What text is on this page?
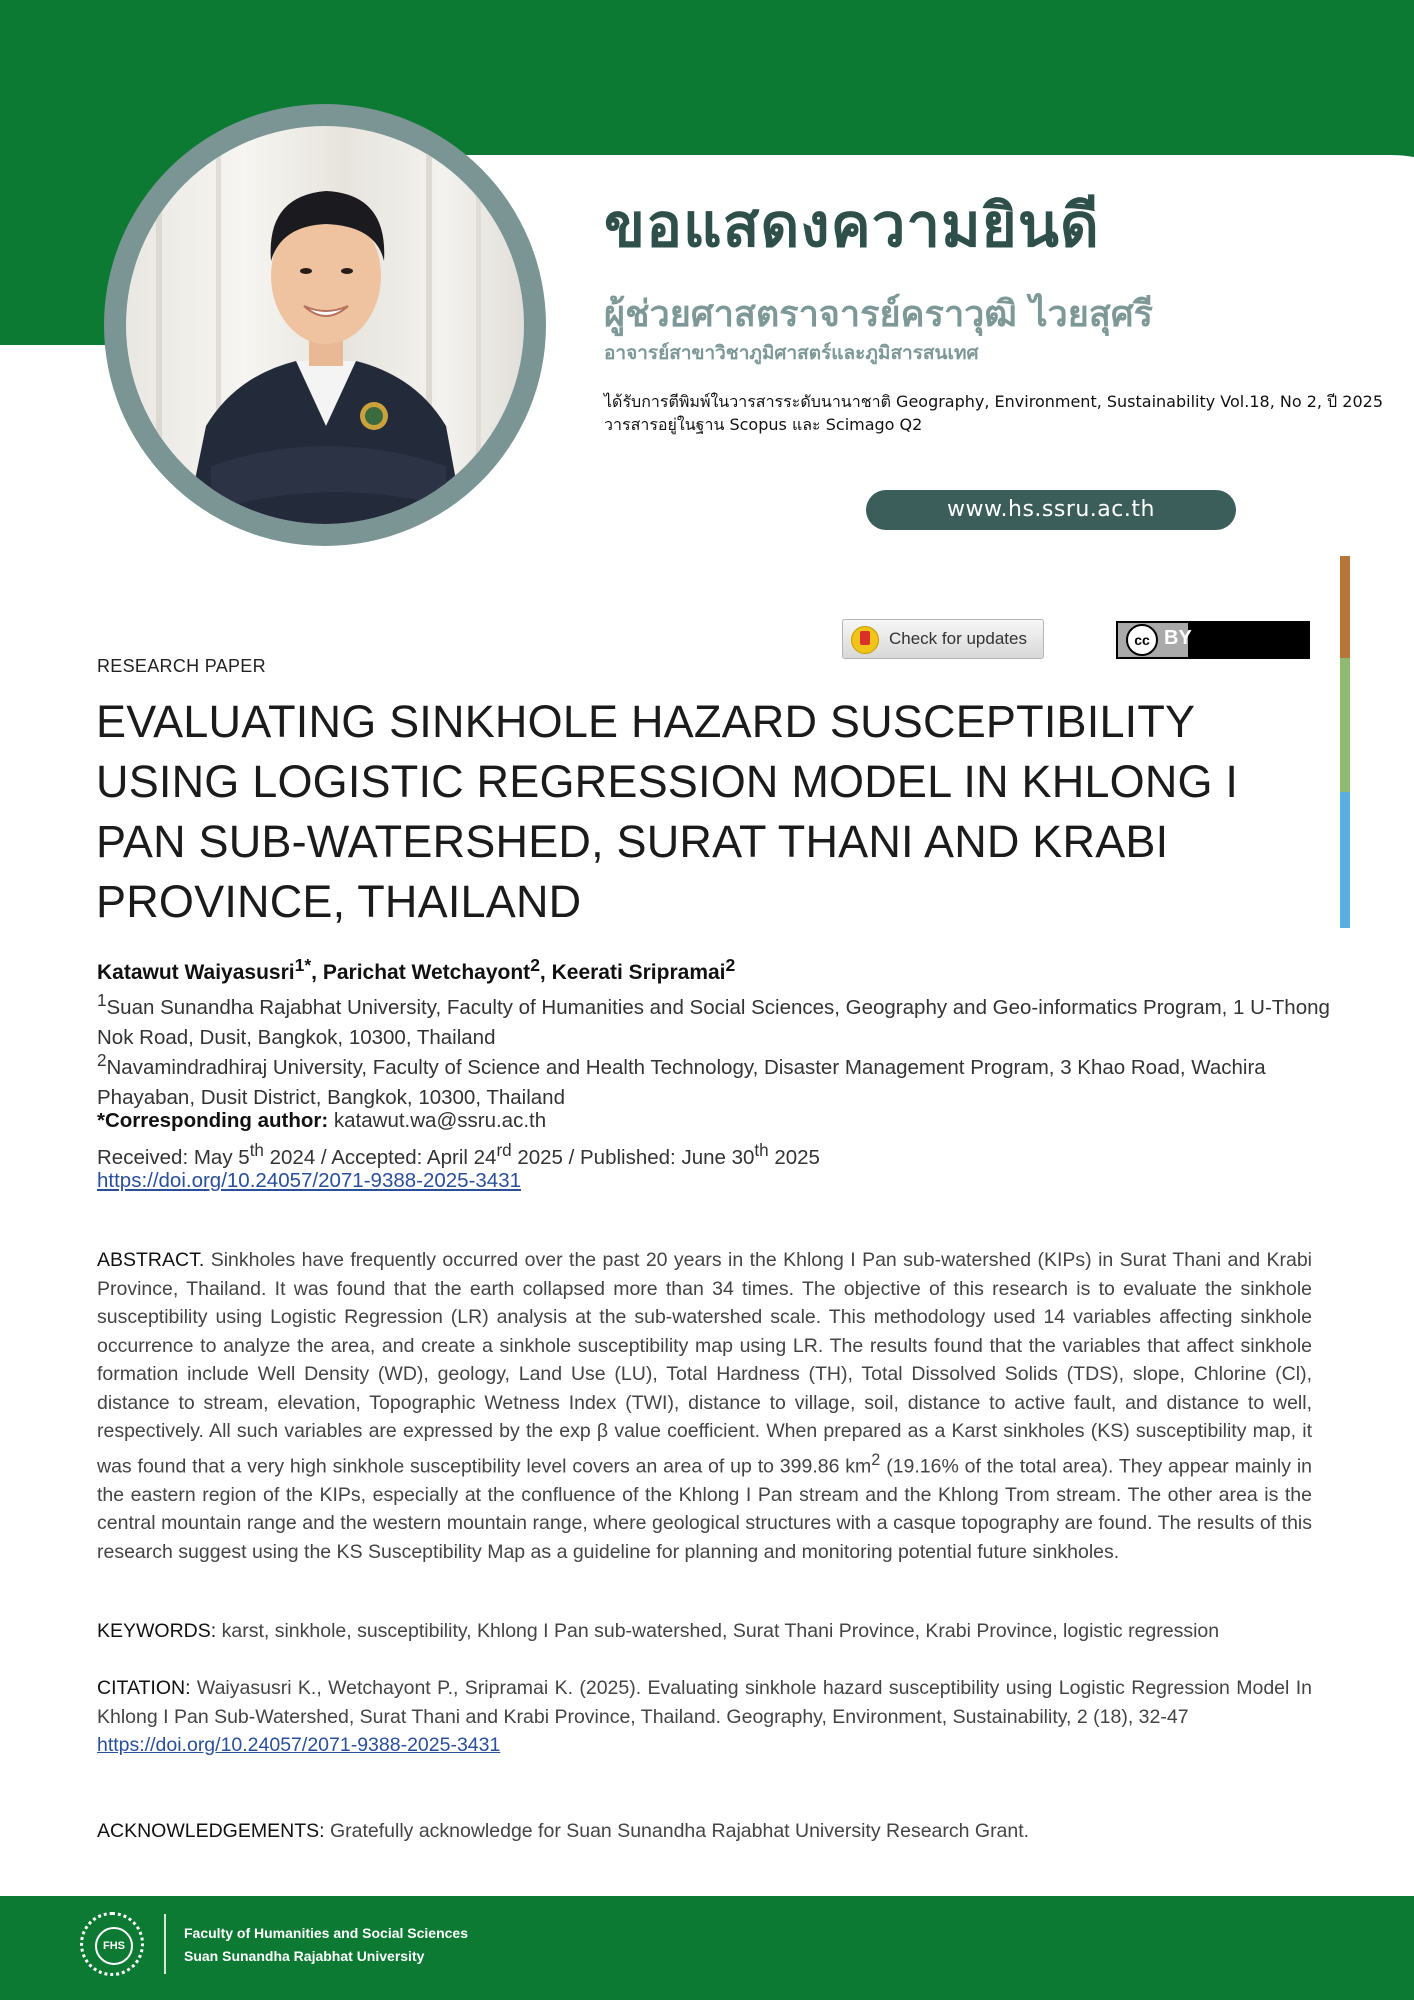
ขอแสดงความยินดี
ผู้ช่วยศาสตราจารย์คราวุฒิ ไวยสุศรี
อาจารย์สาขาวิชาภูมิศาสตร์และภูมิสารสนเทศ
ได้รับการตีพิมพ์ในวารสารระดับนานาชาติ Geography, Environment, Sustainability Vol.18, No 2, ปี 2025
วารสารอยู่ในฐาน Scopus และ Scimago Q2
www.hs.ssru.ac.th
Check for updates	cc BY
RESEARCH PAPER
EVALUATING SINKHOLE HAZARD SUSCEPTIBILITY USING LOGISTIC REGRESSION MODEL IN KHLONG I PAN SUB-WATERSHED, SURAT THANI AND KRABI PROVINCE, THAILAND
Katawut Waiyasusri$^{1*}$, Parichat Wetchayont$^2$, Keerati Sripramai$^2$
$^1$Suan Sunandha Rajabhat University, Faculty of Humanities and Social Sciences, Geography and Geo-informatics Program, 1 U-Thong Nok Road, Dusit, Bangkok, 10300, Thailand
$^2$Navamindradhiraj University, Faculty of Science and Health Technology, Disaster Management Program, 3 Khao Road, Wachira Phayaban, Dusit District, Bangkok, 10300, Thailand
*Corresponding author: katawut.wa@ssru.ac.th
Received: May 5th 2024 / Accepted: April 24rd 2025 / Published: June 30th 2025
https://doi.org/10.24057/2071-9388-2025-3431
ABSTRACT. Sinkholes have frequently occurred over the past 20 years in the Khlong I Pan sub-watershed (KIPs) in Surat Thani and Krabi Province, Thailand. It was found that the earth collapsed more than 34 times. The objective of this research is to evaluate the sinkhole susceptibility using Logistic Regression (LR) analysis at the sub-watershed scale. This methodology used 14 variables affecting sinkhole occurrence to analyze the area, and create a sinkhole susceptibility map using LR. The results found that the variables that affect sinkhole formation include Well Density (WD), geology, Land Use (LU), Total Hardness (TH), Total Dissolved Solids (TDS), slope, Chlorine (Cl), distance to stream, elevation, Topographic Wetness Index (TWI), distance to village, soil, distance to active fault, and distance to well, respectively. All such variables are expressed by the exp β value coefficient. When prepared as a Karst sinkholes (KS) susceptibility map, it was found that a very high sinkhole susceptibility level covers an area of up to 399.86 $km^2$ (19.16% of the total area). They appear mainly in the eastern region of the KIPs, especially at the confluence of the Khlong I Pan stream and the Khlong Trom stream. The other area is the central mountain range and the western mountain range, where geological structures with a casque topography are found. The results of this research suggest using the KS Susceptibility Map as a guideline for planning and monitoring potential future sinkholes.
KEYWORDS: karst, sinkhole, susceptibility, Khlong I Pan sub-watershed, Surat Thani Province, Krabi Province, logistic regression
CITATION: Waiyasusri K., Wetchayont P., Sripramai K. (2025). Evaluating sinkhole hazard susceptibility using Logistic Regression Model In Khlong I Pan Sub-Watershed, Surat Thani and Krabi Province, Thailand. Geography, Environment, Sustainability, 2 (18), 32-47
https://doi.org/10.24057/2071-9388-2025-3431
ACKNOWLEDGEMENTS: Gratefully acknowledge for Suan Sunandha Rajabhat University Research Grant.
FHS
Faculty of Humanities and Social Sciences
Suan Sunandha Rajabhat University
